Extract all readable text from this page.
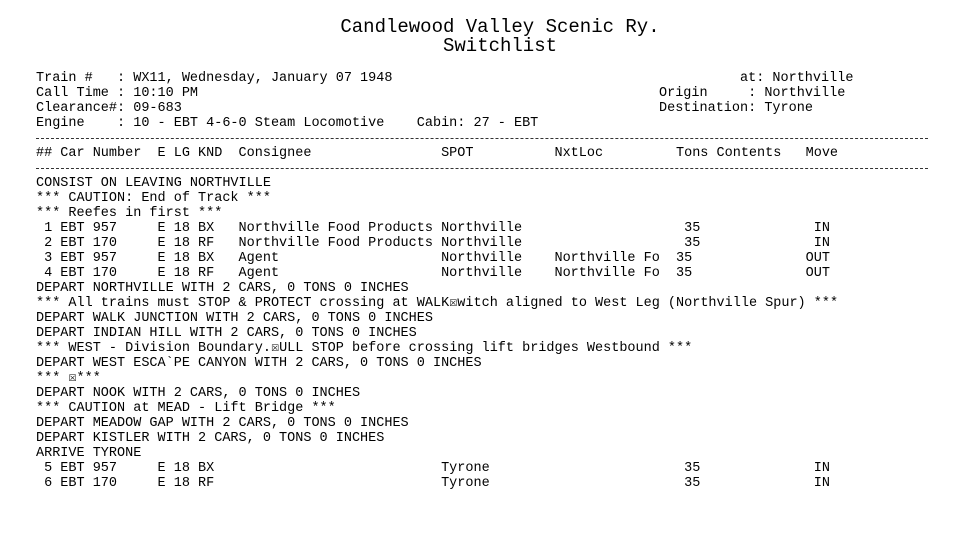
Candlewood Valley Scenic Ry.
Switchlist
Train #   : WX11, Wednesday, January 07 1948	at: Northville
Call Time : 10:10 PM	Origin     : Northville
Clearance#: 09-683	Destination: Tyrone
Engine    : 10 - EBT 4-6-0 Steam Locomotive    Cabin: 27 - EBT
## Car Number  E LG KND  Consignee                SPOT          NxtLoc         Tons Contents   Move
CONSIST ON LEAVING NORTHVILLE
*** CAUTION: End of Track ***
*** Reefes in first ***
1 EBT 957     E 18 BX   Northville Food Products Northville                    35              IN
2 EBT 170     E 18 RF   Northville Food Products Northville                    35              IN
3 EBT 957     E 18 BX   Agent                    Northville    Northville Fo  35              OUT
4 EBT 170     E 18 RF   Agent                    Northville    Northville Fo  35              OUT
DEPART NORTHVILLE WITH 2 CARS, 0 TONS 0 INCHES
*** All trains must STOP & PROTECT crossing at WALK☒witch aligned to West Leg (Northville Spur) ***
DEPART WALK JUNCTION WITH 2 CARS, 0 TONS 0 INCHES
DEPART INDIAN HILL WITH 2 CARS, 0 TONS 0 INCHES
*** WEST - Division Boundary.☒ULL STOP before crossing lift bridges Westbound ***
DEPART WEST ESCA`PE CANYON WITH 2 CARS, 0 TONS 0 INCHES
*** ☒***
DEPART NOOK WITH 2 CARS, 0 TONS 0 INCHES
*** CAUTION at MEAD - Lift Bridge ***
DEPART MEADOW GAP WITH 2 CARS, 0 TONS 0 INCHES
DEPART KISTLER WITH 2 CARS, 0 TONS 0 INCHES
ARRIVE TYRONE
5 EBT 957     E 18 BX                            Tyrone                        35              IN
6 EBT 170     E 18 RF                            Tyrone                        35              IN
